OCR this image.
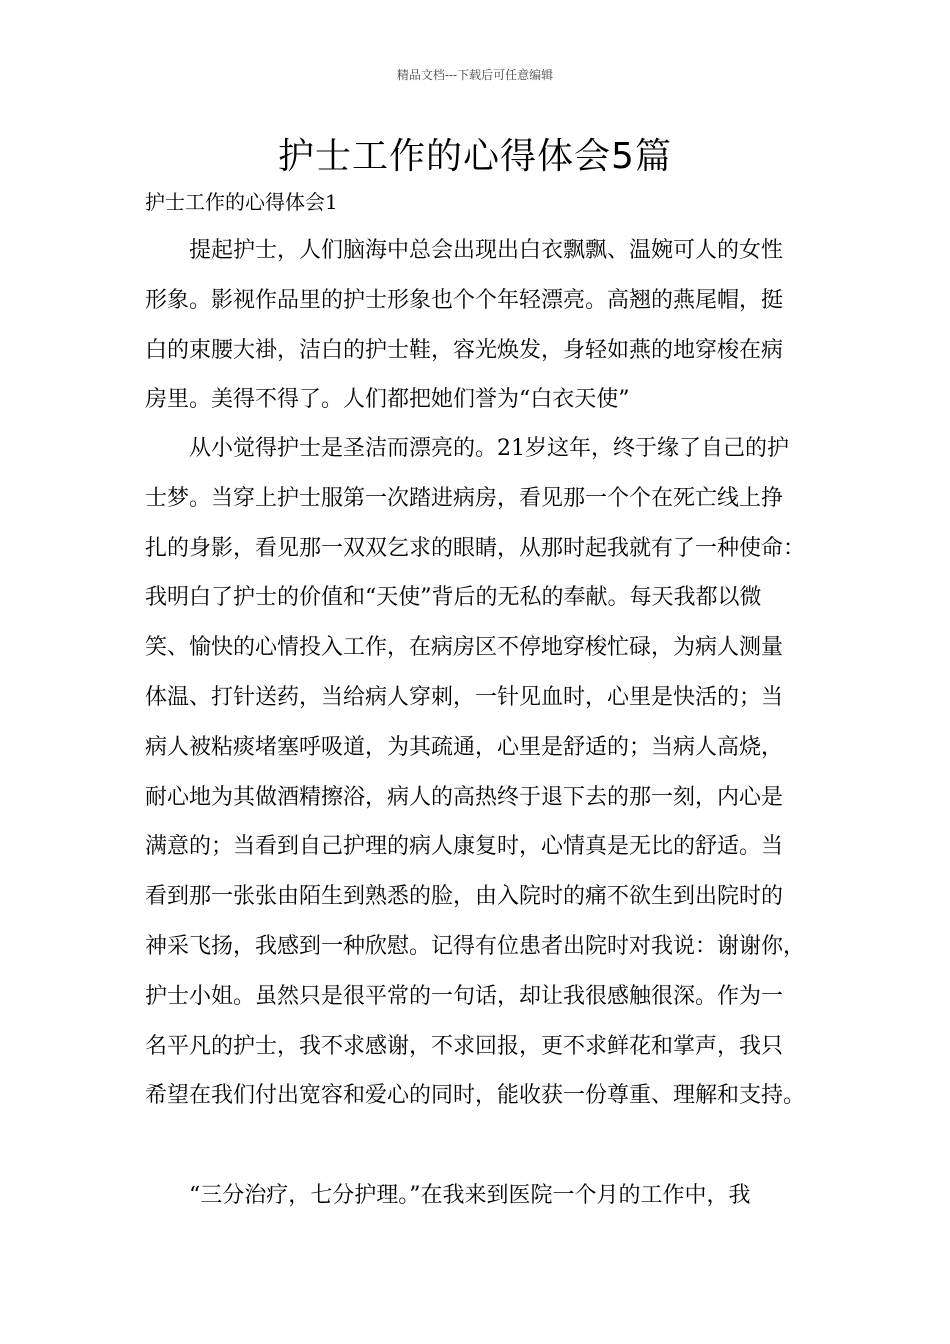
精品文档---下载后可任意编辑
护士工作的心得体会5篇
护士工作的心得体会1
提起护士，人们脑海中总会出现出白衣飘飘、温婉可人的女性
形象。影视作品里的护士形象也个个年轻漂亮。高翘的燕尾帽，挺
白的束腰大褂，洁白的护士鞋，容光焕发，身轻如燕的地穿梭在病
房里。美得不得了。人们都把她们誉为“白衣天使”
从小觉得护士是圣洁而漂亮的。21岁这年，终于缘了自己的护
士梦。当穿上护士服第一次踏进病房，看见那一个个在死亡线上挣
扎的身影，看见那一双双乞求的眼睛，从那时起我就有了一种使命：
我明白了护士的价值和“天使”背后的无私的奉献。每天我都以微
笑、愉快的心情投入工作，在病房区不停地穿梭忙碌，为病人测量
体温、打针送药，当给病人穿刺，一针见血时，心里是快活的；当
病人被粘痰堵塞呼吸道，为其疏通，心里是舒适的；当病人高烧，
耐心地为其做酒精擦浴，病人的高热终于退下去的那一刻，内心是
满意的；当看到自己护理的病人康复时，心情真是无比的舒适。当
看到那一张张由陌生到熟悉的脸，由入院时的痛不欲生到出院时的
神采飞扬，我感到一种欣慰。记得有位患者出院时对我说：谢谢你，
护士小姐。虽然只是很平常的一句话，却让我很感触很深。作为一
名平凡的护士，我不求感谢，不求回报，更不求鲜花和掌声，我只
希望在我们付出宽容和爱心的同时，能收获一份尊重、理解和支持。
“三分治疗，七分护理。”在我来到医院一个月的工作中，我
